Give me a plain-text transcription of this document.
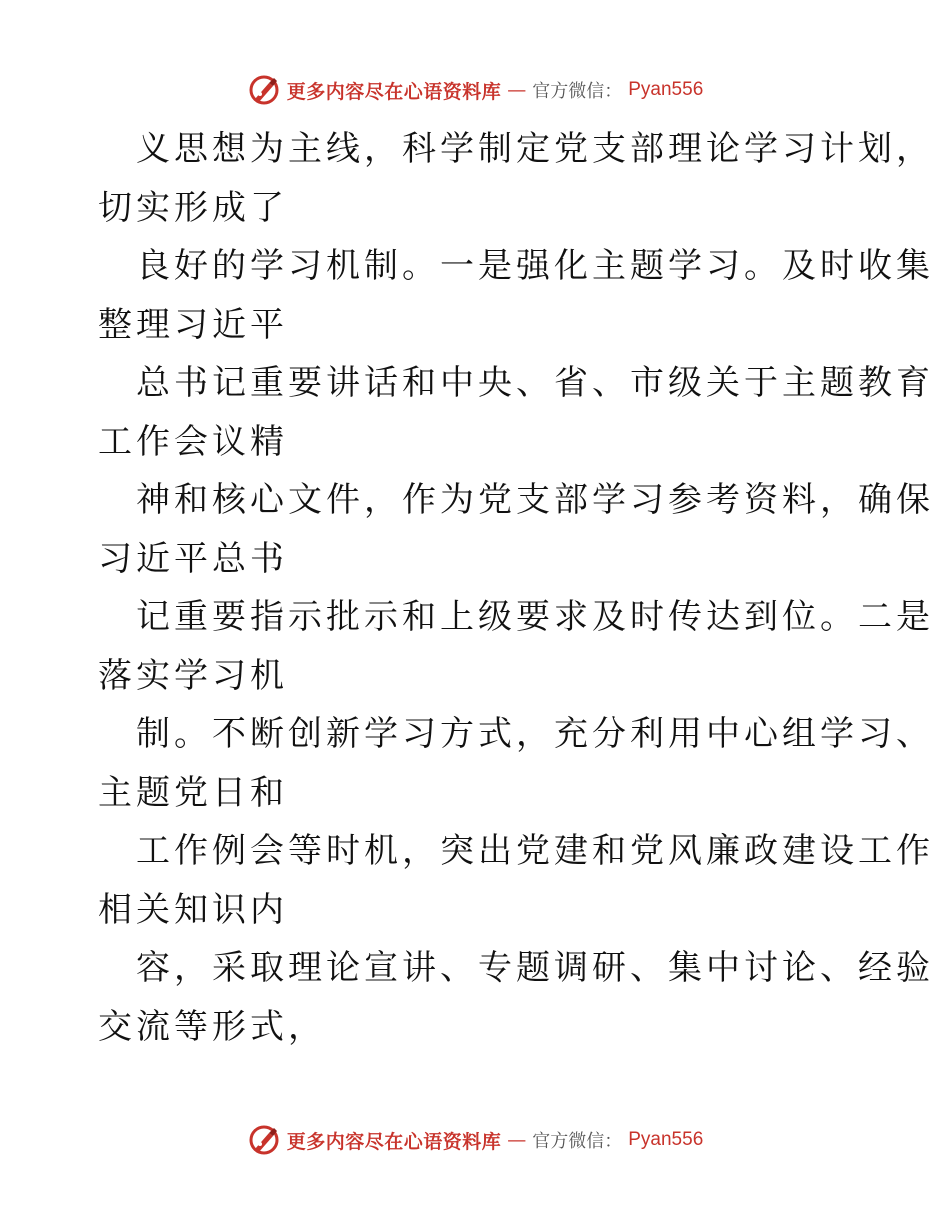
更多内容尽在心语资料库 — 官方微信： Pyan556
义思想为主线，科学制定党支部理论学习计划，
切实形成了
良好的学习机制。一是强化主题学习。及时收集
整理习近平
总书记重要讲话和中央、省、市级关于主题教育
工作会议精
神和核心文件，作为党支部学习参考资料，确保
习近平总书
记重要指示批示和上级要求及时传达到位。二是
落实学习机
制。不断创新学习方式，充分利用中心组学习、
主题党日和
工作例会等时机，突出党建和党风廉政建设工作
相关知识内
容，采取理论宣讲、专题调研、集中讨论、经验
交流等形式，
更多内容尽在心语资料库 — 官方微信： Pyan556
